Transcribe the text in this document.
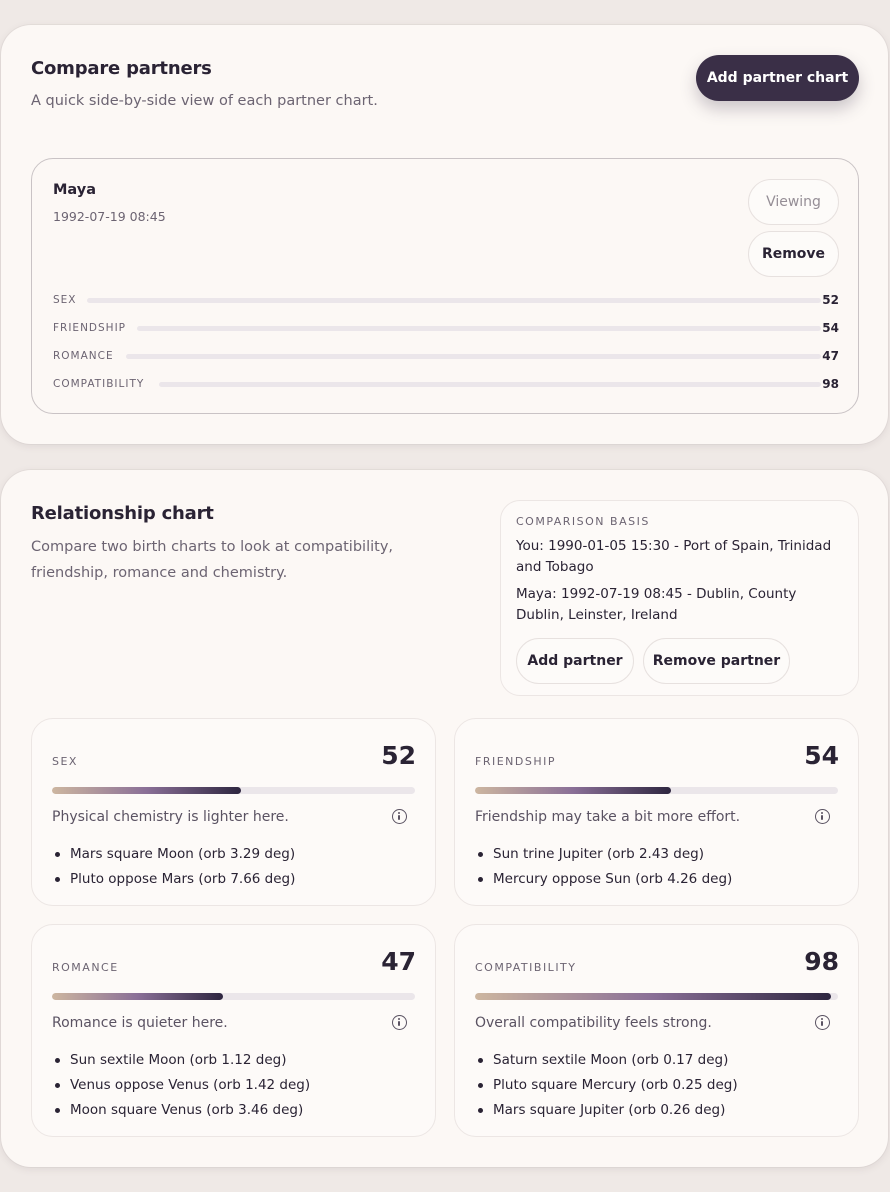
Compare partners
A quick side-by-side view of each partner chart.
Add partner chart
Maya
1992-07-19 08:45
Viewing
Remove
SEX	52
FRIENDSHIP	54
ROMANCE	47
COMPATIBILITY	98
Relationship chart
Compare two birth charts to look at compatibility, friendship, romance and chemistry.
COMPARISON BASIS
You: 1990-01-05 15:30 - Port of Spain, Trinidad and Tobago
Maya: 1992-07-19 08:45 - Dublin, County Dublin, Leinster, Ireland
Add partner	Remove partner
SEX	52
Physical chemistry is lighter here.
Mars square Moon (orb 3.29 deg)
Pluto oppose Mars (orb 7.66 deg)
FRIENDSHIP	54
Friendship may take a bit more effort.
Sun trine Jupiter (orb 2.43 deg)
Mercury oppose Sun (orb 4.26 deg)
ROMANCE	47
Romance is quieter here.
Sun sextile Moon (orb 1.12 deg)
Venus oppose Venus (orb 1.42 deg)
Moon square Venus (orb 3.46 deg)
COMPATIBILITY	98
Overall compatibility feels strong.
Saturn sextile Moon (orb 0.17 deg)
Pluto square Mercury (orb 0.25 deg)
Mars square Jupiter (orb 0.26 deg)
